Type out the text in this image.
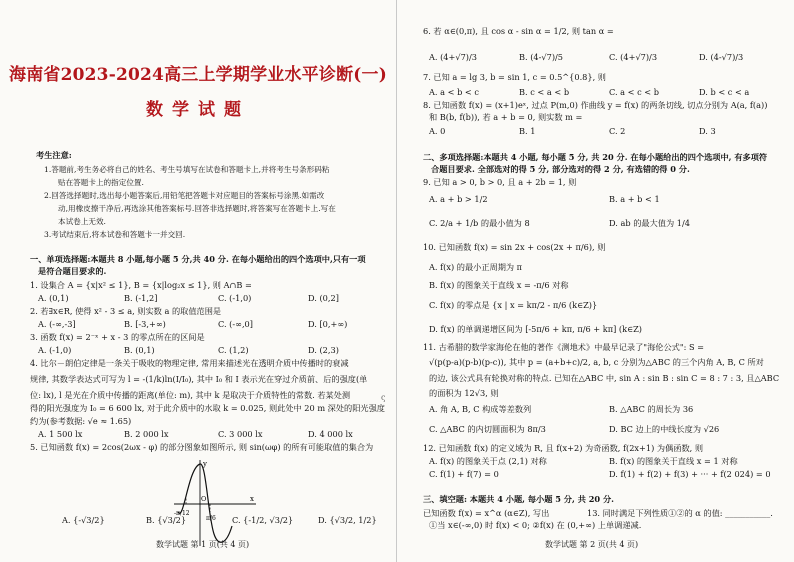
海南省2023-2024高三上学期学业水平诊断(一)
数学试题
考生注意:
1.答题前,考生务必将自己的姓名、考生号填写在试卷和答题卡上,并将考生号条形码粘
贴在答题卡上的指定位置.
2.回答选择题时,选出每小题答案后,用铅笔把答题卡对应题目的答案标号涂黑.如需改
动,用橡皮擦干净后,再选涂其他答案标号.回答非选择题时,将答案写在答题卡上.写在
本试卷上无效.
3.考试结束后,将本试卷和答题卡一并交回.
一、单项选择题:本题共 8 小题,每小题 5 分,共 40 分. 在每小题给出的四个选项中,只有一项
是符合题目要求的.
1. 设集合 A = {x|x² ≤ 1}, B = {x|log₂x ≤ 1}, 则 A∩B =
A. (0,1)	B. (-1,2]	C. (-1,0)	D. (0,2]
2. 若∃x∈R, 使得 x² - 3 ≤ a, 则实数 a 的取值范围是
A. (-∞,-3]	B. [-3,+∞)	C. (-∞,0]	D. [0,+∞)
3. 函数 f(x) = 2⁻ˣ + x - 3 的零点所在的区间是
A. (-1,0)	B. (0,1)	C. (1,2)	D. (2,3)
4. 比尔－朗伯定律是一条关于吸收的物理定律, 常用来描述光在透明介质中传播时的衰减
规律, 其数学表达式可写为 l = -(1/k)ln(I/I₀), 其中 I₀ 和 I 表示光在穿过介质前、后的强度(单
位: lx), l 是光在介质中传播的距离(单位: m), 其中 k 是取决于介质特性的常数. 若某处测
得的阳光强度为 I₀ = 6 600 lx, 对于此介质中的水取 k = 0.025, 则此处中 20 m 深处的阳光强度
约为(参考数据: √e ≈ 1.65)
A. 1 500 lx	B. 2 000 lx	C. 3 000 lx	D. 4 000 lx
5. 已知函数 f(x) = 2cos(2ωx - φ) 的部分图象如图所示, 则 sin(ωφ) 的所有可能取值的集合为
y
O	x
-π/12
π/6
A. {-√3/2}	B. {√3/2}	C. {-1/2, √3/2}	D. {√3/2, 1/2}
数学试题 第 1 页(共 4 页)
ς
6. 若 α∈(0,π), 且 cos α - sin α = 1/2, 则 tan α =
A. (4+√7)/3	B. (4-√7)/5	C. (4+√7)/3	D. (4-√7)/3
7. 已知 a = lg 3, b = sin 1, c = 0.5^{0.8}, 则
A. a < b < c	B. c < a < b	C. a < c < b	D. b < c < a
8. 已知函数 f(x) = (x+1)eˣ, 过点 P(m,0) 作曲线 y = f(x) 的两条切线, 切点分别为 A(a, f(a))
和 B(b, f(b)), 若 a + b = 0, 则实数 m =
A. 0	B. 1	C. 2	D. 3
二、多项选择题:本题共 4 小题, 每小题 5 分, 共 20 分. 在每小题给出的四个选项中, 有多项符
合题目要求. 全部选对的得 5 分, 部分选对的得 2 分, 有选错的得 0 分.
9. 已知 a > 0, b > 0, 且 a + 2b = 1, 则
A. a + b > 1/2	B. a + b < 1
C. 2/a + 1/b 的最小值为 8	D. ab 的最大值为 1/4
10. 已知函数 f(x) = sin 2x + cos(2x + π/6), 则
A. f(x) 的最小正周期为 π
B. f(x) 的图象关于直线 x = -π/6 对称
C. f(x) 的零点是 {x | x = kπ/2 - π/6 (k∈Z)}
D. f(x) 的单调递增区间为 [-5π/6 + kπ, π/6 + kπ] (k∈Z)
11. 古希腊的数学家海伦在他的著作《测地术》中最早记录了"海伦公式": S =
√(p(p-a)(p-b)(p-c)), 其中 p = (a+b+c)/2, a, b, c 分别为△ABC 的三个内角 A, B, C 所对
的边, 该公式具有轮换对称的特点. 已知在△ABC 中, sin A : sin B : sin C = 8 : 7 : 3, 且△ABC
的面积为 12√3, 则
A. 角 A, B, C 构成等差数列	B. △ABC 的周长为 36
C. △ABC 的内切圆面积为 8π/3	D. BC 边上的中线长度为 √26
12. 已知函数 f(x) 的定义域为 R, 且 f(x+2) 为奇函数, f(2x+1) 为偶函数, 则
A. f(x) 的图象关于点 (2,1) 对称	B. f(x) 的图象关于直线 x = 1 对称
C. f(1) + f(7) = 0	D. f(1) + f(2) + f(3) + ··· + f(2 024) = 0
三、填空题: 本题共 4 小题, 每小题 5 分, 共 20 分.
已知函数 f(x) = x^α (α∈Z), 写出	13. 同时满足下列性质①②的 α 的值: ___________.
①当 x∈(-∞,0) 时 f(x) < 0; ②f(x) 在 (0,+∞) 上单调递减.
数学试题 第 2 页(共 4 页)
